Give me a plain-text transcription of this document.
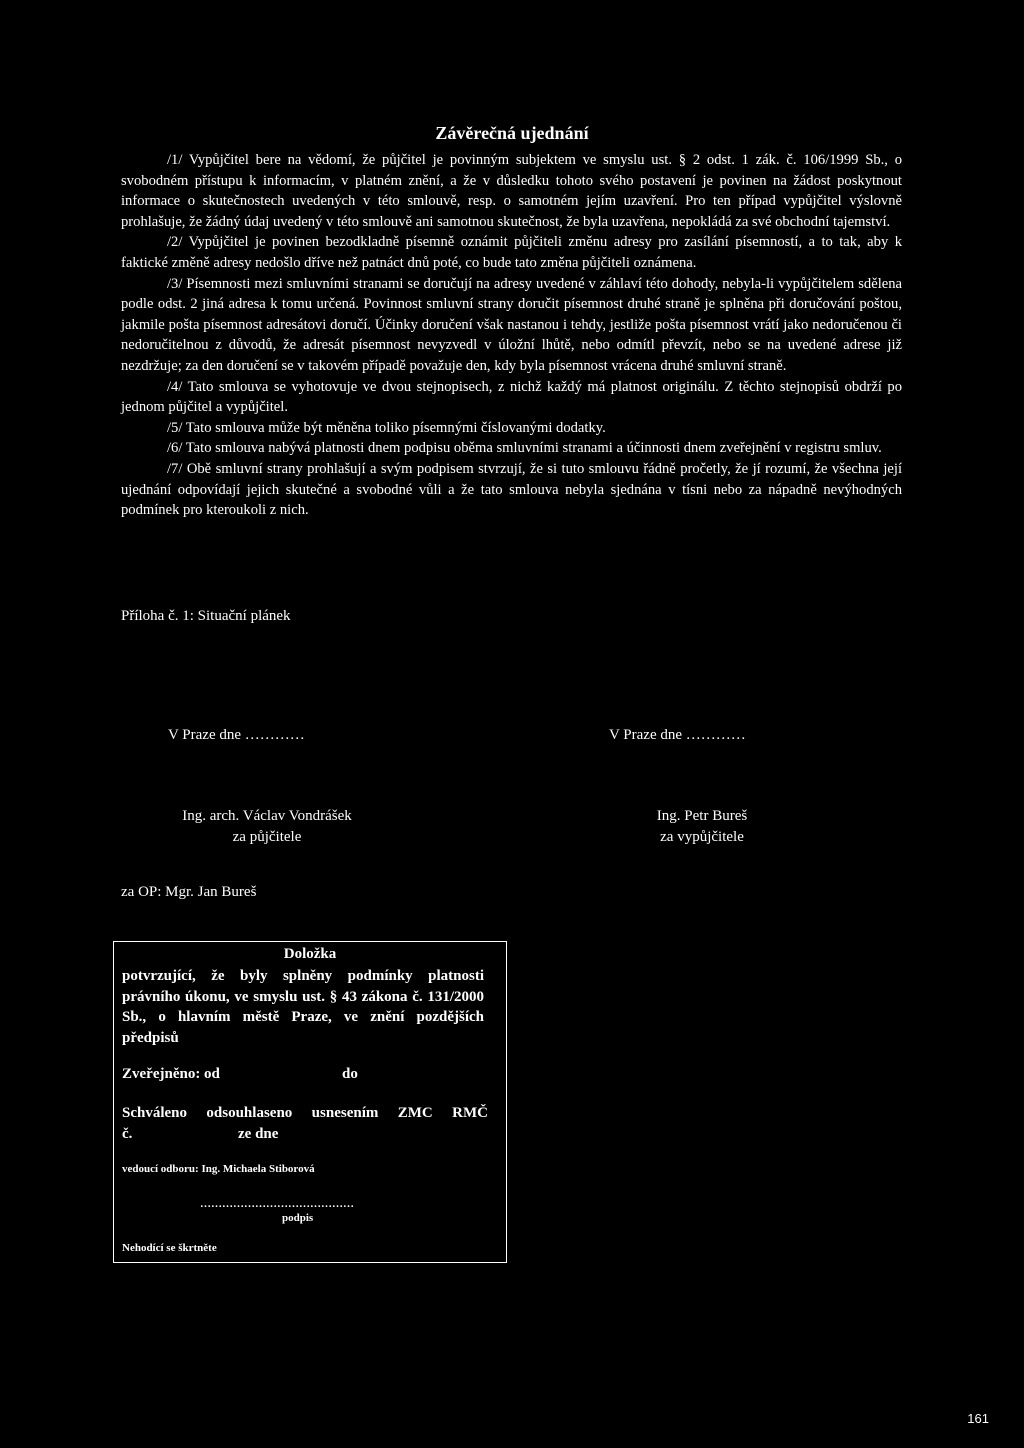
Závěrečná ujednání

/1/ Vypůjčitel bere na vědomí, že půjčitel je povinným subjektem ve smyslu ust. § 2 odst. 1 zák. č. 106/1999 Sb., o svobodném přístupu k informacím, v platném znění, a že v důsledku tohoto svého postavení je povinen na žádost poskytnout informace o skutečnostech uvedených v této smlouvě, resp. o samotném jejím uzavření. Pro ten případ vypůjčitel výslovně prohlašuje, že žádný údaj uvedený v této smlouvě ani samotnou skutečnost, že byla uzavřena, nepokládá za své obchodní tajemství.

/2/ Vypůjčitel je povinen bezodkladně písemně oznámit půjčiteli změnu adresy pro zasílání písemností, a to tak, aby k faktické změně adresy nedošlo dříve než patnáct dnů poté, co bude tato změna půjčiteli oznámena.

/3/ Písemnosti mezi smluvními stranami se doručují na adresy uvedené v záhlaví této dohody, nebyla-li vypůjčitelem sdělena podle odst. 2 jiná adresa k tomu určená. Povinnost smluvní strany doručit písemnost druhé straně je splněna při doručování poštou, jakmile pošta písemnost adresátovi doručí. Účinky doručení však nastanou i tehdy, jestliže pošta písemnost vrátí jako nedoručenou či nedoručitelnou z důvodů, že adresát písemnost nevyzvedl v úložní lhůtě, nebo odmítl převzít, nebo se na uvedené adrese již nezdržuje; za den doručení se v takovém případě považuje den, kdy byla písemnost vrácena druhé smluvní straně.

/4/ Tato smlouva se vyhotovuje ve dvou stejnopisech, z nichž každý má platnost originálu. Z těchto stejnopisů obdrží po jednom půjčitel a vypůjčitel.

/5/ Tato smlouva může být měněna toliko písemnými číslovanými dodatky.

/6/ Tato smlouva nabývá platnosti dnem podpisu oběma smluvními stranami a účinnosti dnem zveřejnění v registru smluv.

/7/ Obě smluvní strany prohlašují a svým podpisem stvrzují, že si tuto smlouvu řádně pročetly, že jí rozumí, že všechna její ujednání odpovídají jejich skutečné a svobodné vůli a že tato smlouva nebyla sjednána v tísni nebo za nápadně nevýhodných podmínek pro kteroukoli z nich.

Příloha č. 1: Situační plánek
V Praze dne …………	V Praze dne …………
Ing. arch. Václav Vondrášek
za půjčitele
Ing. Petr Bureš
za vypůjčitele
za OP: Mgr. Jan Bureš
Doložka
potvrzující, že byly splněny podmínky platnosti právního úkonu, ve smyslu ust. § 43 zákona č. 131/2000 Sb., o hlavním městě Praze, ve znění pozdějších předpisů
Zveřejněno: od	do
Schváleno odsouhlaseno usnesením ZMC RMČ
č.	ze dne
vedoucí odboru: Ing. Michaela Stiborová
……………………………………
podpis
Nehodící se škrtněte
161
